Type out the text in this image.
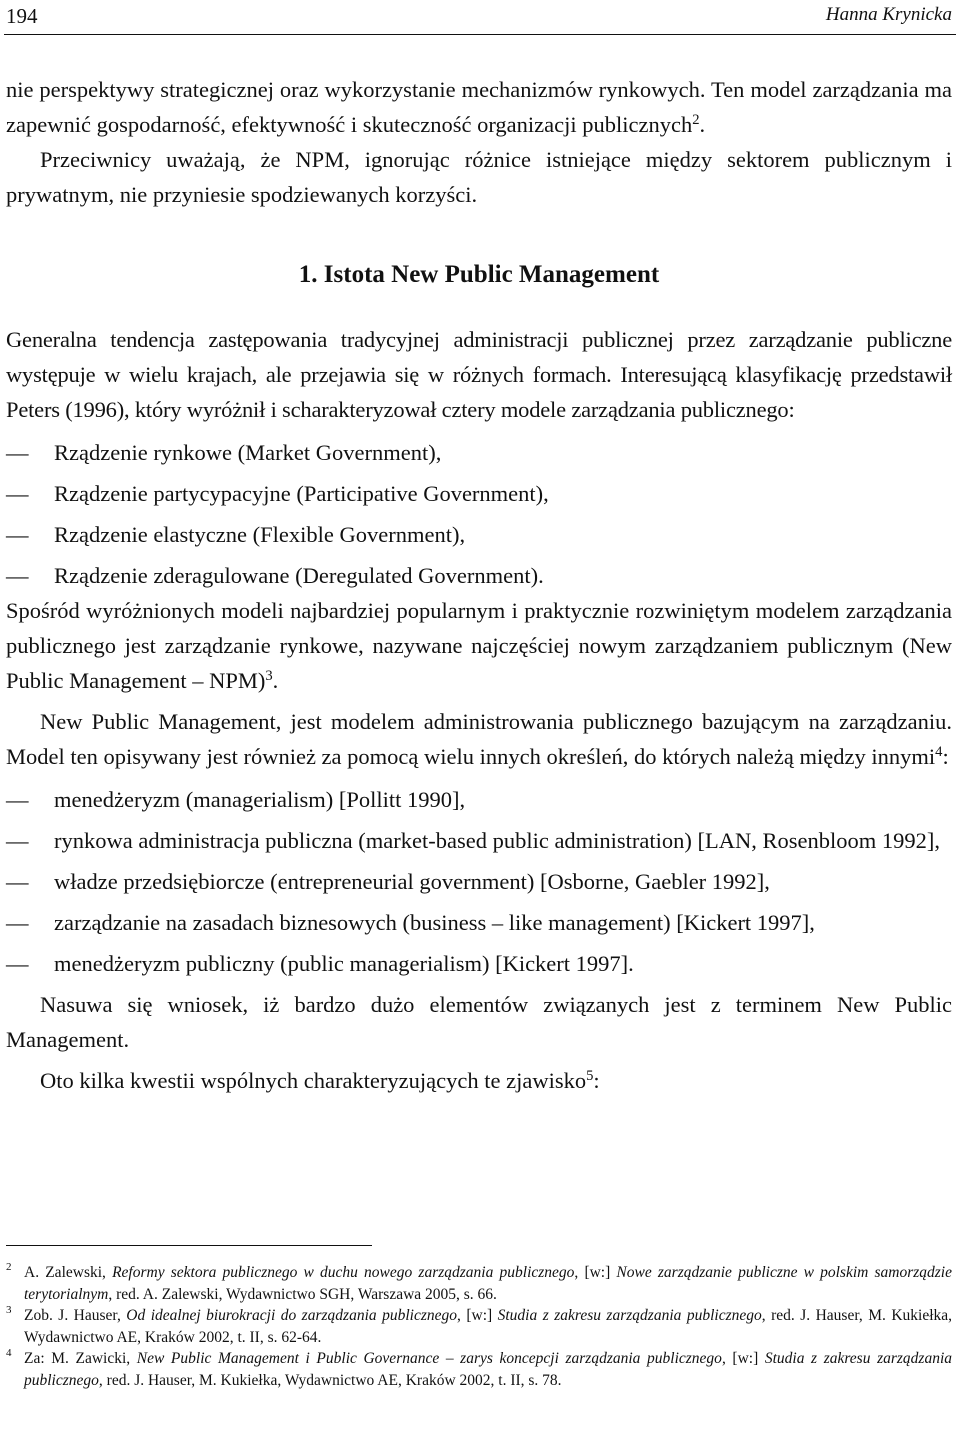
194	Hanna Krynicka

nie perspektywy strategicznej oraz wykorzystanie mechanizmów rynkowych. Ten model zarządzania ma zapewnić gospodarność, efektywność i skuteczność organizacji publicznych$^2$.

Przeciwnicy uważają, że NPM, ignorując różnice istniejące między sektorem publicznym i prywatnym, nie przyniesie spodziewanych korzyści.

1. Istota New Public Management

Generalna tendencja zastępowania tradycyjnej administracji publicznej przez zarządzanie publiczne występuje w wielu krajach, ale przejawia się w różnych formach. Interesującą klasyfikację przedstawił Peters (1996), który wyróżnił i scharakteryzował cztery modele zarządzania publicznego:

— Rządzenie rynkowe (Market Government),

— Rządzenie partycypacyjne (Participative Government),

— Rządzenie elastyczne (Flexible Government),

— Rządzenie zderagulowane (Deregulated Government).

Spośród wyróżnionych modeli najbardziej popularnym i praktycznie rozwiniętym modelem zarządzania publicznego jest zarządzanie rynkowe, nazywane najczęściej nowym zarządzaniem publicznym (New Public Management – NPM)$^3$.

New Public Management, jest modelem administrowania publicznego bazującym na zarządzaniu. Model ten opisywany jest również za pomocą wielu innych określeń, do których należą między innymi$^4$:

— menedżeryzm (managerialism) [Pollitt 1990],

— rynkowa administracja publiczna (market-based public administration) [LAN, Rosenbloom 1992],

— władze przedsiębiorcze (entrepreneurial government) [Osborne, Gaebler 1992],

— zarządzanie na zasadach biznesowych (business – like management) [Kickert 1997],

— menedżeryzm publiczny (public managerialism) [Kickert 1997].

Nasuwa się wniosek, iż bardzo dużo elementów związanych jest z terminem New Public Management.

Oto kilka kwestii wspólnych charakteryzujących te zjawisko$^5$:

2 A. Zalewski, Reformy sektora publicznego w duchu nowego zarządzania publicznego, [w:] Nowe zarządzanie publiczne w polskim samorządzie terytorialnym, red. A. Zalewski, Wydawnictwo SGH, Warszawa 2005, s. 66.

3 Zob. J. Hauser, Od idealnej biurokracji do zarządzania publicznego, [w:] Studia z zakresu zarządzania publicznego, red. J. Hauser, M. Kukiełka, Wydawnictwo AE, Kraków 2002, t. II, s. 62-64.

4 Za: M. Zawicki, New Public Management i Public Governance – zarys koncepcji zarządzania publicznego, [w:] Studia z zakresu zarządzania publicznego, red. J. Hauser, M. Kukiełka, Wydawnictwo AE, Kraków 2002, t. II, s. 78.
